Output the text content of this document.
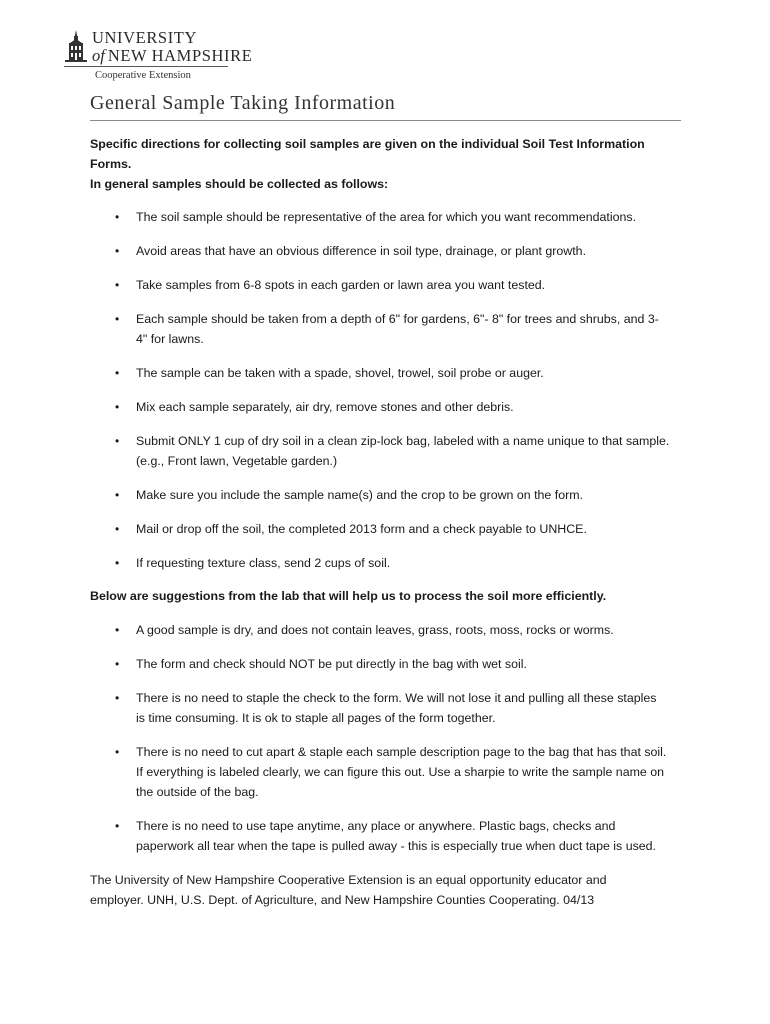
UNIVERSITY
of NEW HAMPSHIRE
Cooperative Extension
General Sample Taking Information

Specific directions for collecting soil samples are given on the individual Soil Test Information Forms.
In general samples should be collected as follows:

• The soil sample should be representative of the area for which you want recommendations.
• Avoid areas that have an obvious difference in soil type, drainage, or plant growth.
• Take samples from 6-8 spots in each garden or lawn area you want tested.
• Each sample should be taken from a depth of 6" for gardens, 6"- 8" for trees and shrubs, and 3-
4" for lawns.
• The sample can be taken with a spade, shovel, trowel, soil probe or auger.
• Mix each sample separately, air dry, remove stones and other debris.
• Submit ONLY 1 cup of dry soil in a clean zip-lock bag, labeled with a name unique to that sample.
(e.g., Front lawn, Vegetable garden.)
• Make sure you include the sample name(s) and the crop to be grown on the form.
• Mail or drop off the soil, the completed 2013 form and a check payable to UNHCE.
• If requesting texture class, send 2 cups of soil.

Below are suggestions from the lab that will help us to process the soil more efficiently.

• A good sample is dry, and does not contain leaves, grass, roots, moss, rocks or worms.
• The form and check should NOT be put directly in the bag with wet soil.
• There is no need to staple the check to the form. We will not lose it and pulling all these staples
is time consuming. It is ok to staple all pages of the form together.
• There is no need to cut apart & staple each sample description page to the bag that has that soil.
If everything is labeled clearly, we can figure this out. Use a sharpie to write the sample name on
the outside of the bag.
• There is no need to use tape anytime, any place or anywhere. Plastic bags, checks and
paperwork all tear when the tape is pulled away - this is especially true when duct tape is used.

The University of New Hampshire Cooperative Extension is an equal opportunity educator and
employer. UNH, U.S. Dept. of Agriculture, and New Hampshire Counties Cooperating. 04/13
